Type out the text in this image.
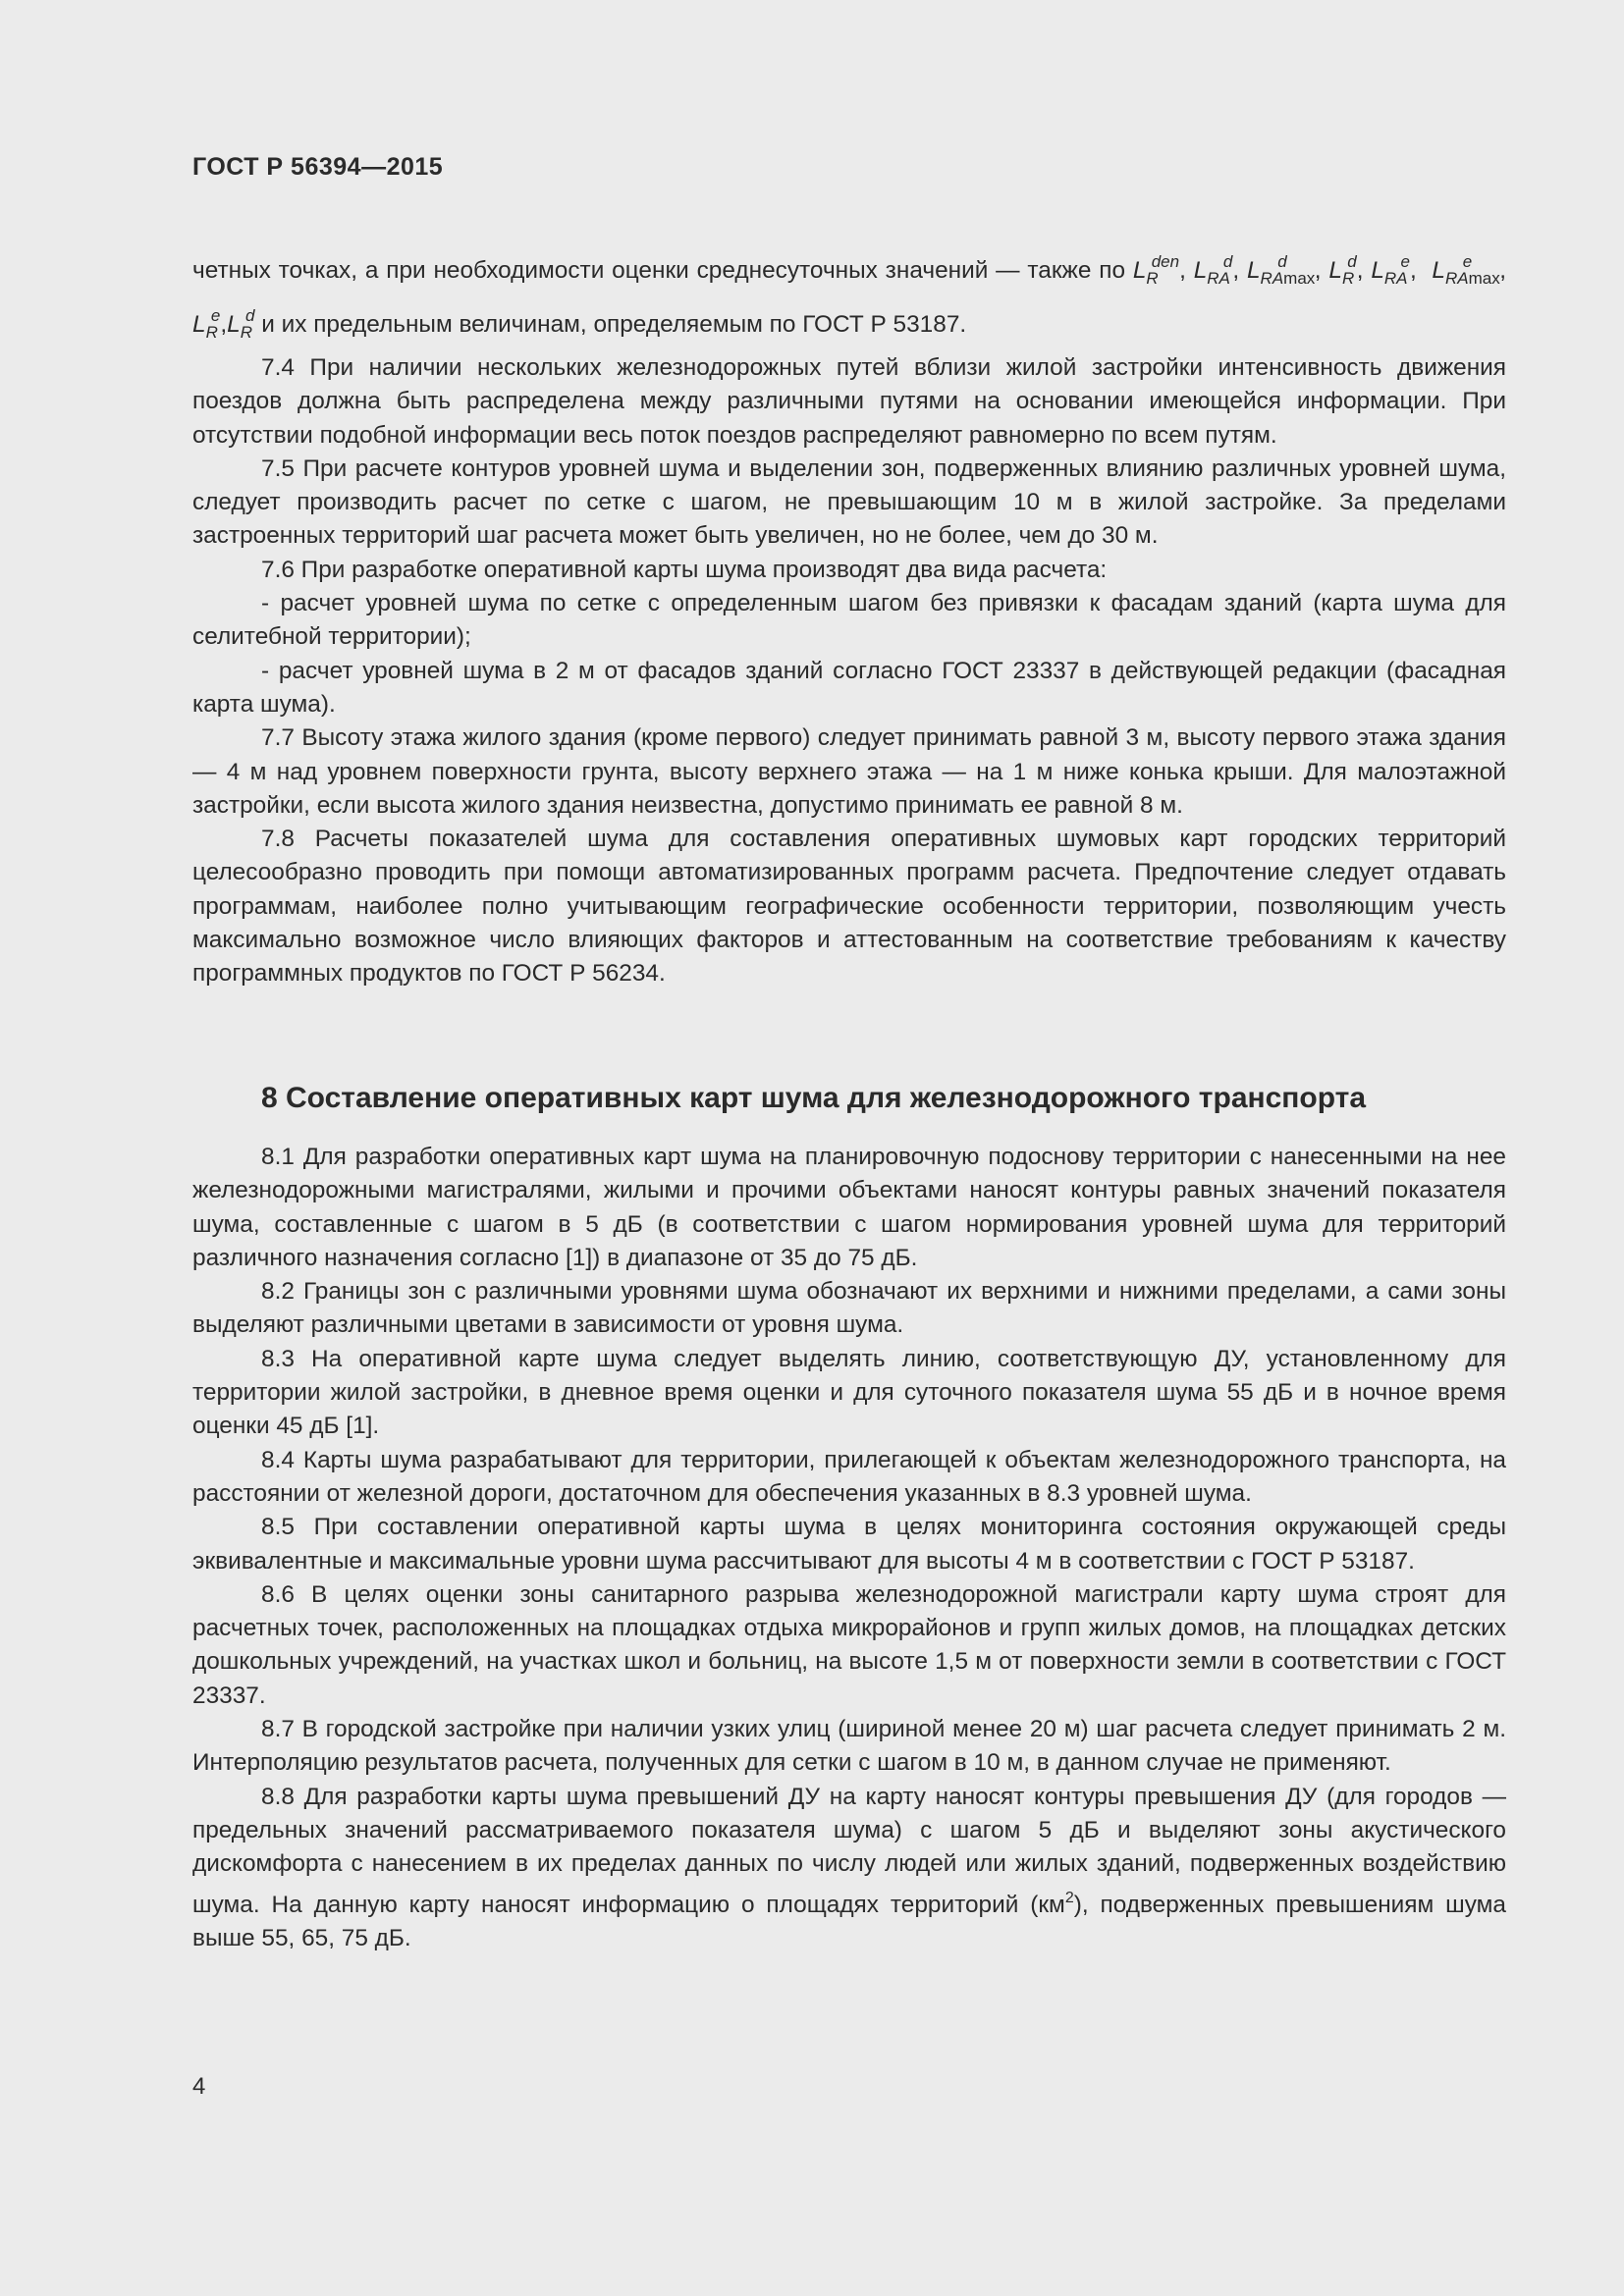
ГОСТ Р 56394—2015

четных точках, а при необходимости оценки среднесуточных значений — также по $L_R^{den}$, $L_{RA}^d$, $L_{RAmax}^d$ , $L_R^d$, $L_{RA}^e$, $L_{RAmax}^e$ $,L_R^e,L_R^d$ и их предельным величинам, определяемым по ГОСТ Р 53187.

7.4 При наличии нескольких железнодорожных путей вблизи жилой застройки интенсивность движения поездов должна быть распределена между различными путями на основании имеющейся информации. При отсутствии подобной информации весь поток поездов распределяют равномерно по всем путям.

7.5 При расчете контуров уровней шума и выделении зон, подверженных влиянию различных уровней шума, следует производить расчет по сетке с шагом, не превышающим 10 м в жилой застройке. За пределами застроенных территорий шаг расчета может быть увеличен, но не более, чем до 30 м.

7.6 При разработке оперативной карты шума производят два вида расчета:

- расчет уровней шума по сетке с определенным шагом без привязки к фасадам зданий (карта шума для селитебной территории);

- расчет уровней шума в 2 м от фасадов зданий согласно ГОСТ 23337 в действующей редакции (фасадная карта шума).

7.7 Высоту этажа жилого здания (кроме первого) следует принимать равной 3 м, высоту первого этажа здания — 4 м над уровнем поверхности грунта, высоту верхнего этажа — на 1 м ниже конька крыши. Для малоэтажной застройки, если высота жилого здания неизвестна, допустимо принимать ее равной 8 м.

7.8 Расчеты показателей шума для составления оперативных шумовых карт городских территорий целесообразно проводить при помощи автоматизированных программ расчета. Предпочтение следует отдавать программам, наиболее полно учитывающим географические особенности территории, позволяющим учесть максимально возможное число влияющих факторов и аттестованным на соответствие требованиям к качеству программных продуктов по ГОСТ Р 56234.

8 Составление оперативных карт шума для железнодорожного транспорта

8.1 Для разработки оперативных карт шума на планировочную подоснову территории с нанесенными на нее железнодорожными магистралями, жилыми и прочими объектами наносят контуры равных значений показателя шума, составленные с шагом в 5 дБ (в соответствии с шагом нормирования уровней шума для территорий различного назначения согласно [1]) в диапазоне от 35 до 75 дБ.

8.2 Границы зон с различными уровнями шума обозначают их верхними и нижними пределами, а сами зоны выделяют различными цветами в зависимости от уровня шума.

8.3 На оперативной карте шума следует выделять линию, соответствующую ДУ, установленному для территории жилой застройки, в дневное время оценки и для суточного показателя шума 55 дБ и в ночное время оценки 45 дБ [1].

8.4 Карты шума разрабатывают для территории, прилегающей к объектам железнодорожного транспорта, на расстоянии от железной дороги, достаточном для обеспечения указанных в 8.3 уровней шума.

8.5 При составлении оперативной карты шума в целях мониторинга состояния окружающей среды эквивалентные и максимальные уровни шума рассчитывают для высоты 4 м в соответствии с ГОСТ Р 53187.

8.6 В целях оценки зоны санитарного разрыва железнодорожной магистрали карту шума строят для расчетных точек, расположенных на площадках отдыха микрорайонов и групп жилых домов, на площадках детских дошкольных учреждений, на участках школ и больниц, на высоте 1,5 м от поверхности земли в соответствии с ГОСТ 23337.

8.7 В городской застройке при наличии узких улиц (шириной менее 20 м) шаг расчета следует принимать 2 м. Интерполяцию результатов расчета, полученных для сетки с шагом в 10 м, в данном случае не применяют.

8.8 Для разработки карты шума превышений ДУ на карту наносят контуры превышения ДУ (для городов — предельных значений рассматриваемого показателя шума) с шагом 5 дБ и выделяют зоны акустического дискомфорта с нанесением в их пределах данных по числу людей или жилых зданий, подверженных воздействию шума. На данную карту наносят информацию о площадях территорий $(км^2)$, подверженных превышениям шума выше 55, 65, 75 дБ.

4
